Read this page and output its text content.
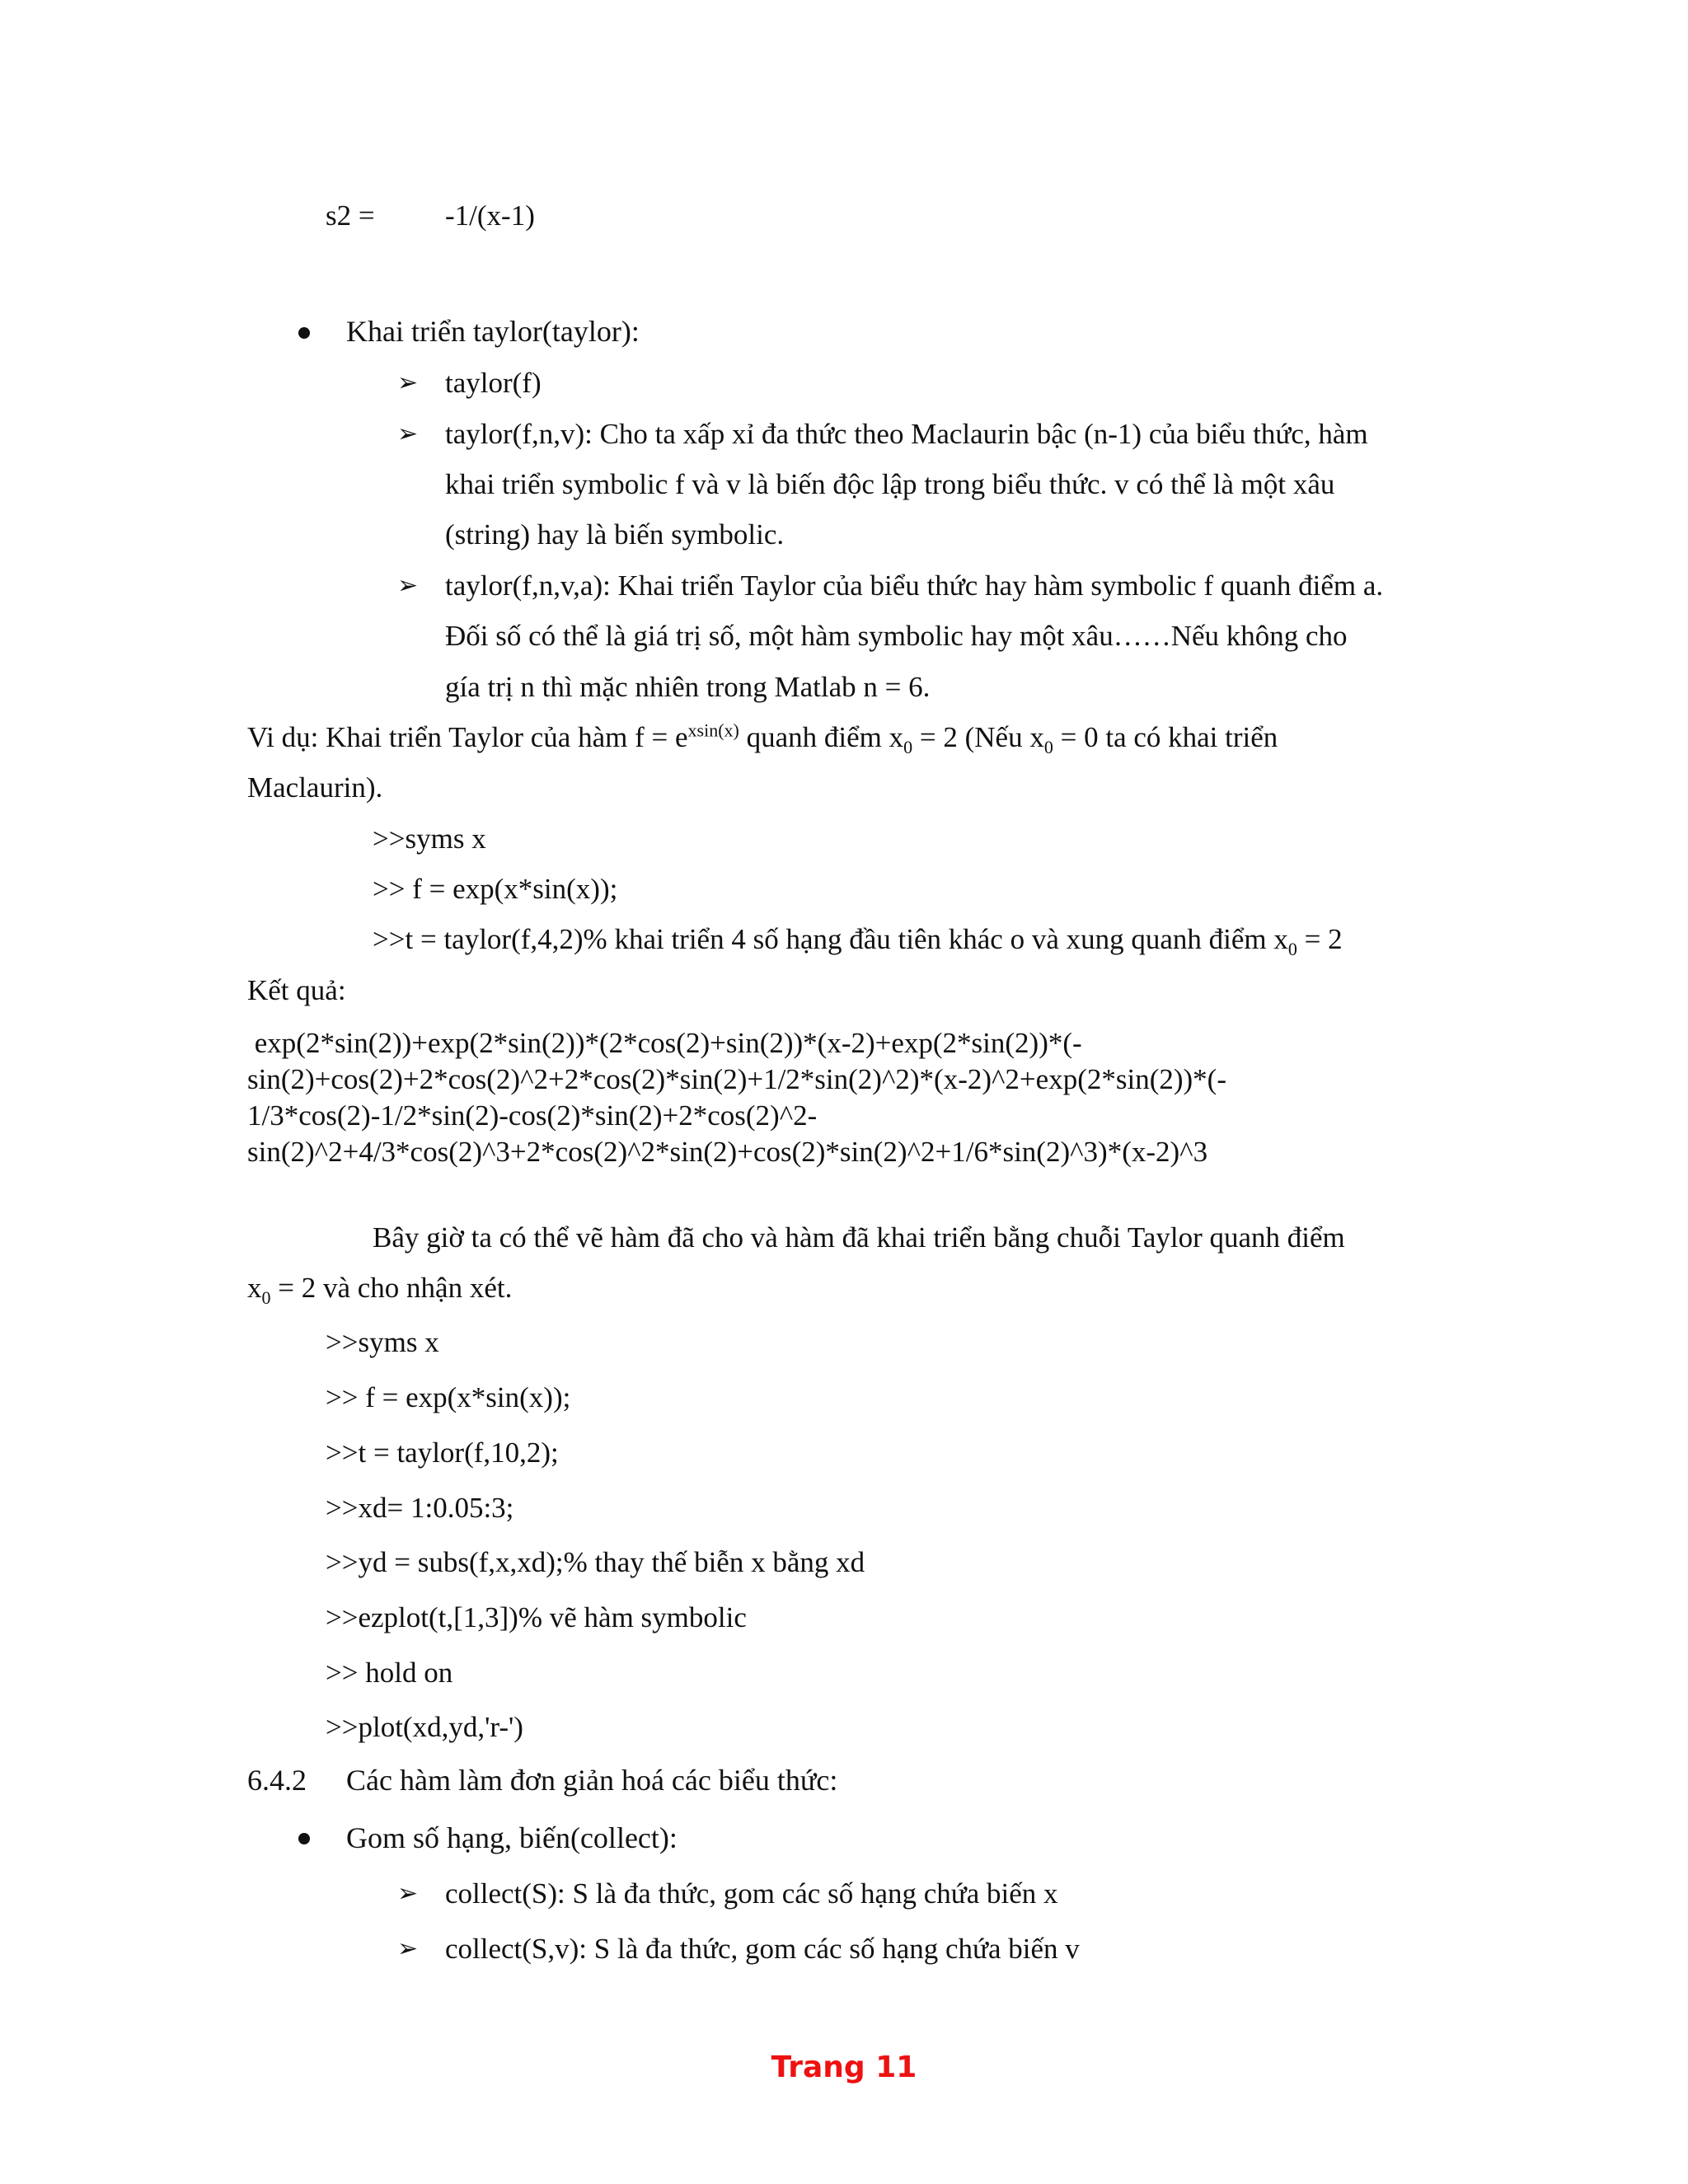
s2 = -1/(x-1)
Khai triển taylor(taylor):
➢ taylor(f)
➢ taylor(f,n,v): Cho ta xấp xỉ đa thức theo Maclaurin bậc (n-1) của biểu thức, hàm
khai triển symbolic f và v là biến độc lập trong biểu thức. v có thể là một xâu
(string) hay là biến symbolic.
➢ taylor(f,n,v,a): Khai triển Taylor của biểu thức hay hàm symbolic f quanh điểm a.
Đối số có thể là giá trị số, một hàm symbolic hay một xâu……Nếu không cho
gía trị n thì mặc nhiên trong Matlab n = 6.
Vi dụ: Khai triển Taylor của hàm $f = e^{xsin(x)}$ quanh điểm $x_0 = 2$ (Nếu $x_0 = 0$ ta có khai triển
Maclaurin).
>>syms x
>> f = exp(x*sin(x));
>>t = taylor(f,4,2)% khai triển 4 số hạng đầu tiên khác o và xung quanh điểm $x_0 = 2$
Kết quả:
exp(2*sin(2))+exp(2*sin(2))*(2*cos(2)+sin(2))*(x-2)+exp(2*sin(2))*(-
sin(2)+cos(2)+2*cos(2)^2+2*cos(2)*sin(2)+1/2*sin(2)^2)*(x-2)^2+exp(2*sin(2))*(-
1/3*cos(2)-1/2*sin(2)-cos(2)*sin(2)+2*cos(2)^2-
sin(2)^2+4/3*cos(2)^3+2*cos(2)^2*sin(2)+cos(2)*sin(2)^2+1/6*sin(2)^3)*(x-2)^3
Bây giờ ta có thể vẽ hàm đã cho và hàm đã khai triển bằng chuỗi Taylor quanh điểm
$x_0 = 2$ và cho nhận xét.
>>syms x
>> f = exp(x*sin(x));
>>t = taylor(f,10,2);
>>xd= 1:0.05:3;
>>yd = subs(f,x,xd);% thay thế biễn x bằng xd
>>ezplot(t,[1,3])% vẽ hàm symbolic
>> hold on
>>plot(xd,yd,'r-')
6.4.2 Các hàm làm đơn giản hoá các biểu thức:
Gom số hạng, biến(collect):
➢ collect(S): S là đa thức, gom các số hạng chứa biến x
➢ collect(S,v): S là đa thức, gom các số hạng chứa biến v
Trang 11
